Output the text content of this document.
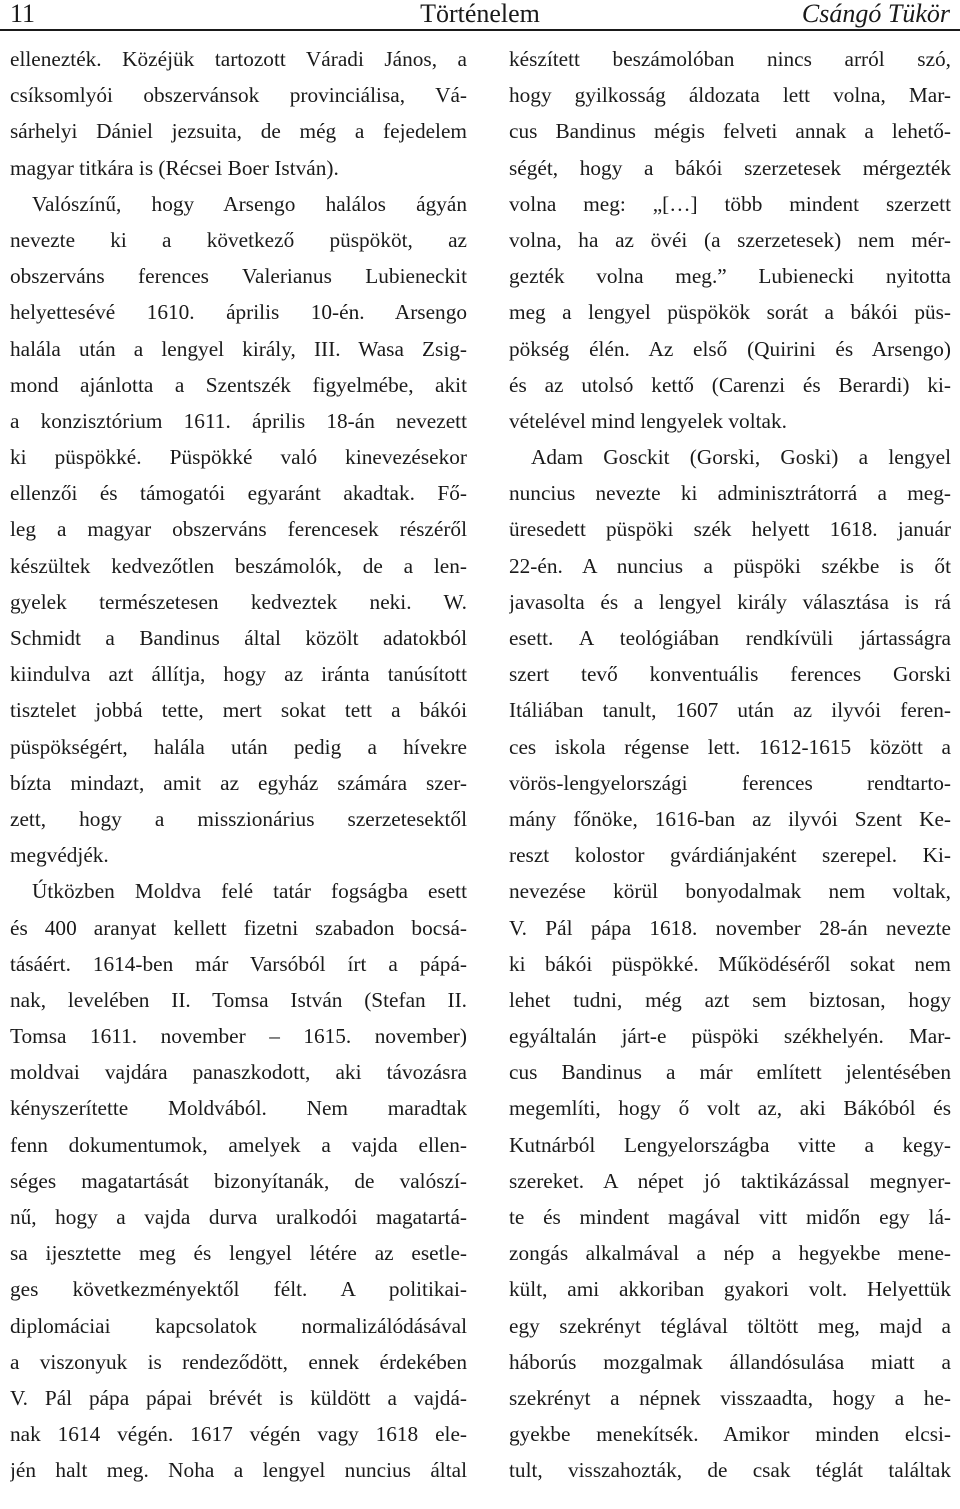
11	Történelem	Csángó Tükör
ellenezték. Közéjük tartozott Váradi János, a
csíksomlyói obszervánsok provinciálisa, Vá-
sárhelyi Dániel jezsuita, de még a fejedelem
magyar titkára is (Récsei Boer István).
Valószínű, hogy Arsengo halálos ágyán
nevezte ki a következő püspököt, az
obszerváns ferences Valerianus Lubieneckit
helyettesévé 1610. április 10-én. Arsengo
halála után a lengyel király, III. Wasa Zsig-
mond ajánlotta a Szentszék figyelmébe, akit
a konzisztórium 1611. április 18-án nevezett
ki püspökké. Püspökké való kinevezésekor
ellenzői és támogatói egyaránt akadtak. Fő-
leg a magyar obszerváns ferencesek részéről
készültek kedvezőtlen beszámolók, de a len-
gyelek természetesen kedveztek neki. W.
Schmidt a Bandinus által közölt adatokból
kiindulva azt állítja, hogy az iránta tanúsított
tisztelet jobbá tette, mert sokat tett a bákói
püspökségért, halála után pedig a hívekre
bízta mindazt, amit az egyház számára szer-
zett, hogy a misszionárius szerzetesektől
megvédjék.
Útközben Moldva felé tatár fogságba esett
és 400 aranyat kellett fizetni szabadon bocsá-
tásáért. 1614-ben már Varsóból írt a pápá-
nak, levelében II. Tomsa István (Stefan II.
Tomsa 1611. november – 1615. november)
moldvai vajdára panaszkodott, aki távozásra
kényszerítette Moldvából. Nem maradtak
fenn dokumentumok, amelyek a vajda ellen-
séges magatartását bizonyítanák, de valószí-
nű, hogy a vajda durva uralkodói magatartá-
sa ijesztette meg és lengyel létére az esetle-
ges következményektől félt. A politikai-
diplomáciai kapcsolatok normalizálódásával
a viszonyuk is rendeződött, ennek érdekében
V. Pál pápa pápai brévét is küldött a vajdá-
nak 1614 végén. 1617 végén vagy 1618 ele-
jén halt meg. Noha a lengyel nuncius által
készített beszámolóban nincs arról szó,
hogy gyilkosság áldozata lett volna, Mar-
cus Bandinus mégis felveti annak a lehető-
ségét, hogy a bákói szerzetesek mérgezték
volna meg: „[…] több mindent szerzett
volna, ha az övéi (a szerzetesek) nem mér-
gezték volna meg.” Lubienecki nyitotta
meg a lengyel püspökök sorát a bákói püs-
pökség élén. Az első (Quirini és Arsengo)
és az utolsó kettő (Carenzi és Berardi) ki-
vételével mind lengyelek voltak.
Adam Gosckit (Gorski, Goski) a lengyel
nuncius nevezte ki adminisztrátorrá a meg-
üresedett püspöki szék helyett 1618. január
22-én. A nuncius a püspöki székbe is őt
javasolta és a lengyel király választása is rá
esett. A teológiában rendkívüli jártasságra
szert tevő konventuális ferences Gorski
Itáliában tanult, 1607 után az ilyvói feren-
ces iskola régense lett. 1612-1615 között a
vörös-lengyelországi ferences rendtarto-
mány főnöke, 1616-ban az ilyvói Szent Ke-
reszt kolostor gvárdiánjaként szerepel. Ki-
nevezése körül bonyodalmak nem voltak,
V. Pál pápa 1618. november 28-án nevezte
ki bákói püspökké. Működéséről sokat nem
lehet tudni, még azt sem biztosan, hogy
egyáltalán járt-e püspöki székhelyén. Mar-
cus Bandinus a már említett jelentésében
megemlíti, hogy ő volt az, aki Bákóból és
Kutnárból Lengyelországba vitte a kegy-
szereket. A népet jó taktikázással megnyer-
te és mindent magával vitt midőn egy lá-
zongás alkalmával a nép a hegyekbe mene-
kült, ami akkoriban gyakori volt. Helyettük
egy szekrényt téglával töltött meg, majd a
háborús mozgalmak állandósulása miatt a
szekrényt a népnek visszaadta, hogy a he-
gyekbe menekítsék. Amikor minden elcsi-
tult, visszahozták, de csak téglát találtak
